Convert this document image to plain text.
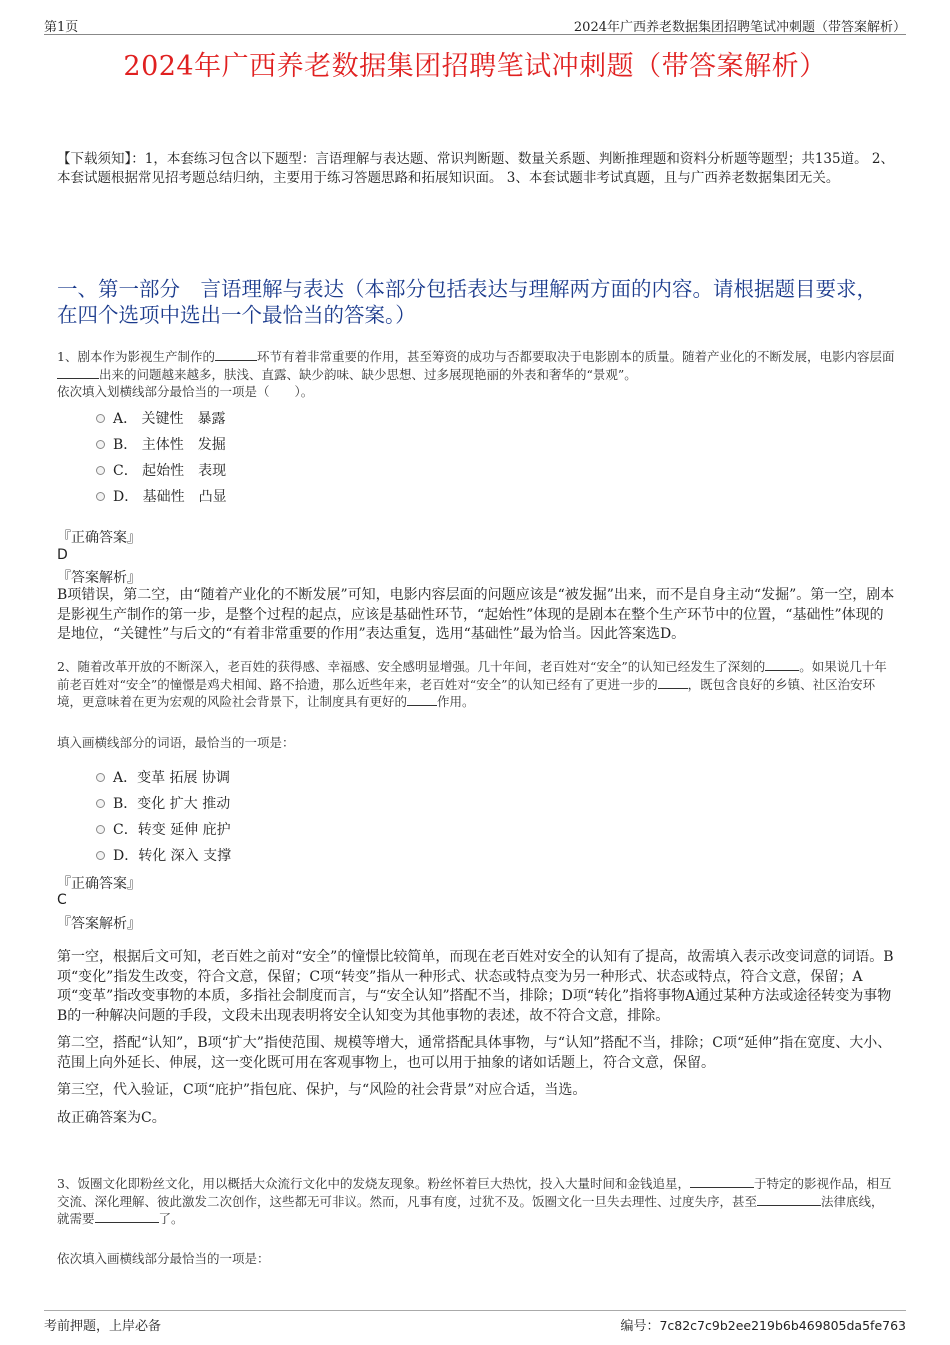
第1页	2024年广西养老数据集团招聘笔试冲刺题（带答案解析）
2024年广西养老数据集团招聘笔试冲刺题（带答案解析）
【下载须知】：1，本套练习包含以下题型：言语理解与表达题、常识判断题、数量关系题、判断推理题和资料分析题等题型；共135道。 2、本套试题根据常见招考题总结归纳，主要用于练习答题思路和拓展知识面。 3、本套试题非考试真题，且与广西养老数据集团无关。
一、第一部分　言语理解与表达（本部分包括表达与理解两方面的内容。请根据题目要求，在四个选项中选出一个最恰当的答案。）
1、剧本作为影视生产制作的	环节有着非常重要的作用，甚至筹资的成功与否都要取决于电影剧本的质量。随着产业化的不断发展，电影内容层面出来的问题越来越多，肤浅、直露、缺少韵味、缺少思想、过多展现艳丽的外表和奢华的“景观”。
依次填入划横线部分最恰当的一项是（　　）。
A． 关键性　暴露
B． 主体性　发掘
C． 起始性　表现
D． 基础性　凸显
『正确答案』
D
『答案解析』
B项错误，第二空，由“随着产业化的不断发展”可知，电影内容层面的问题应该是“被发掘”出来，而不是自身主动“发掘”。第一空，剧本是影视生产制作的第一步，是整个过程的起点，应该是基础性环节，“起始性”体现的是剧本在整个生产环节中的位置，“基础性”体现的是地位，“关键性”与后文的“有着非常重要的作用”表达重复，选用“基础性”最为恰当。因此答案选D。
2、随着改革开放的不断深入，老百姓的获得感、幸福感、安全感明显增强。几十年间，老百姓对“安全”的认知已经发生了深刻的	。如果说几十年前老百姓对“安全”的憧憬是鸡犬相闻、路不拾遗，那么近些年来，老百姓对“安全”的认知已经有了更进一步的 ，既包含良好的乡镇、社区治安环境，更意味着在更为宏观的风险社会背景下，让制度具有更好的 作用。
填入画横线部分的词语，最恰当的一项是：
A．变革 拓展 协调
B．变化 扩大 推动
C．转变 延伸 庇护
D．转化 深入 支撑
『正确答案』
C
『答案解析』

第一空，根据后文可知，老百姓之前对“安全”的憧憬比较简单，而现在老百姓对安全的认知有了提高，故需填入表示改变词意的词语。B项“变化”指发生改变，符合文意，保留；C项“转变”指从一种形式、状态或特点变为另一种形式、状态或特点，符合文意，保留；A项“变革”指改变事物的本质，多指社会制度而言，与“安全认知”搭配不当，排除；D项“转化”指将事物A通过某种方法或途径转变为事物B的一种解决问题的手段，文段未出现表明将安全认知变为其他事物的表述，故不符合文意，排除。

第二空，搭配“认知”，B项“扩大”指使范围、规模等增大，通常搭配具体事物，与“认知”搭配不当，排除；C项“延伸”指在宽度、大小、范围上向外延长、伸展，这一变化既可用在客观事物上，也可以用于抽象的诸如话题上，符合文意，保留。

第三空，代入验证，C项“庇护”指包庇、保护，与“风险的社会背景”对应合适，当选。

故正确答案为C。

3、饭圈文化即粉丝文化，用以概括大众流行文化中的发烧友现象。粉丝怀着巨大热忱，投入大量时间和金钱追星，	于特定的影视作品，相互交流、深化理解、彼此激发二次创作，这些都无可非议。然而，凡事有度，过犹不及。饭圈文化一旦失去理性、过度失序，甚至	法律底线，就需要	了。
依次填入画横线部分最恰当的一项是：
考前押题，上岸必备	编号：7c82c7c9b2ee219b6b469805da5fe763
